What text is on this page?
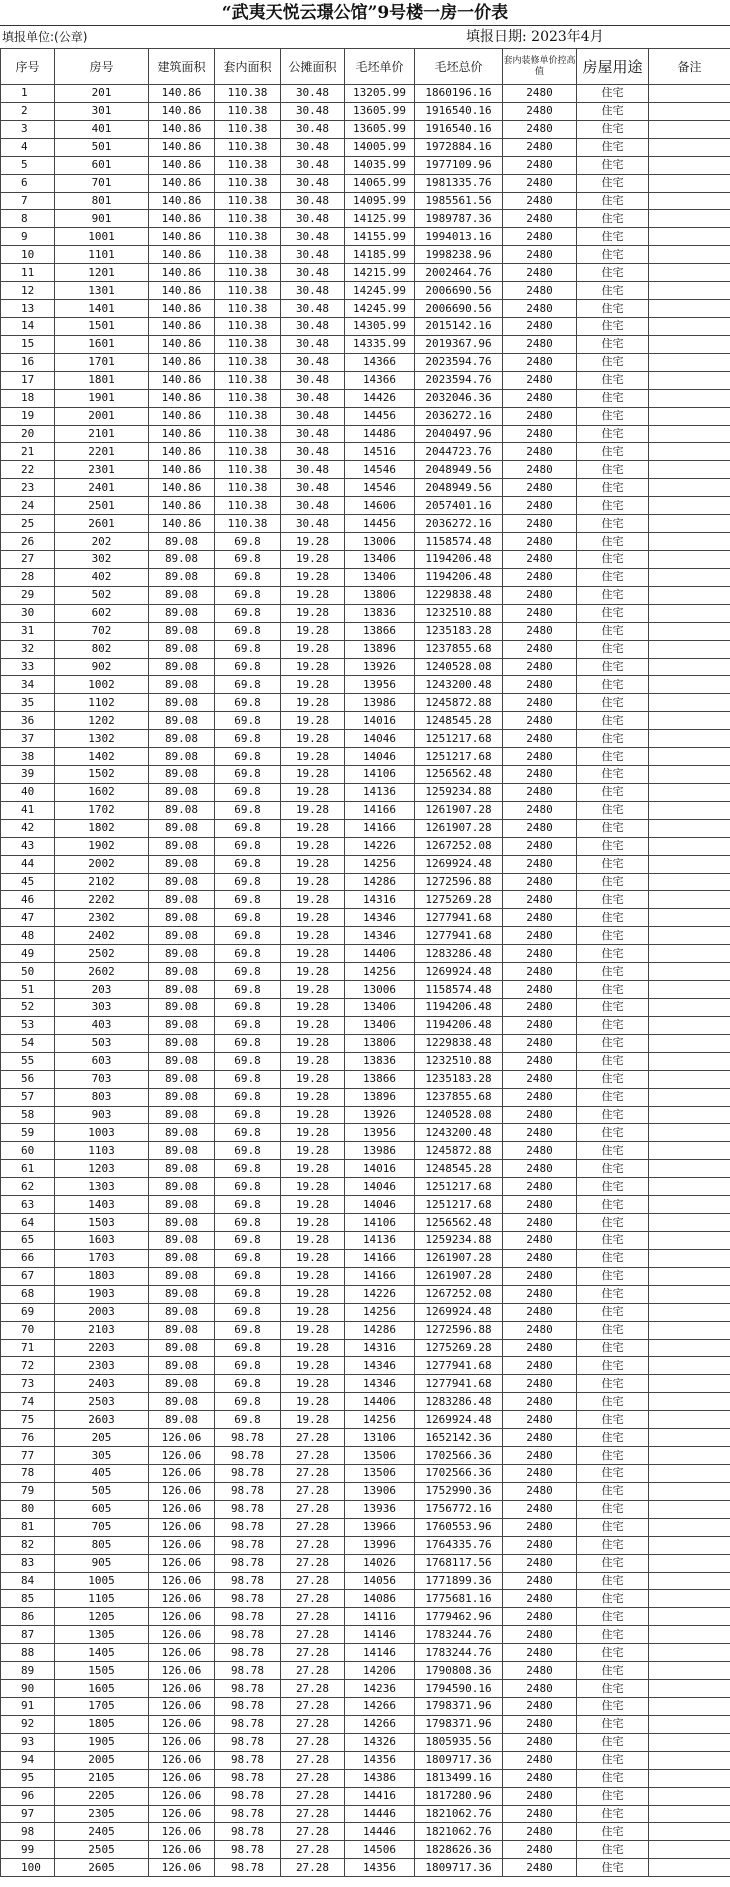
“武夷天悦云璟公馆”9号楼一房一价表
填报单位:(公章)	填报日期: 2023年4月
序号	房号	建筑面积	套内面积	公摊面积	毛坯单价	毛坯总价	套内装修单价控高值	房屋用途	备注
1	201	140.86	110.38	30.48	13205.99	1860196.16	2480	住宅	
2	301	140.86	110.38	30.48	13605.99	1916540.16	2480	住宅	
3	401	140.86	110.38	30.48	13605.99	1916540.16	2480	住宅	
4	501	140.86	110.38	30.48	14005.99	1972884.16	2480	住宅	
5	601	140.86	110.38	30.48	14035.99	1977109.96	2480	住宅	
6	701	140.86	110.38	30.48	14065.99	1981335.76	2480	住宅	
7	801	140.86	110.38	30.48	14095.99	1985561.56	2480	住宅	
8	901	140.86	110.38	30.48	14125.99	1989787.36	2480	住宅	
9	1001	140.86	110.38	30.48	14155.99	1994013.16	2480	住宅	
10	1101	140.86	110.38	30.48	14185.99	1998238.96	2480	住宅	
11	1201	140.86	110.38	30.48	14215.99	2002464.76	2480	住宅	
12	1301	140.86	110.38	30.48	14245.99	2006690.56	2480	住宅	
13	1401	140.86	110.38	30.48	14245.99	2006690.56	2480	住宅	
14	1501	140.86	110.38	30.48	14305.99	2015142.16	2480	住宅	
15	1601	140.86	110.38	30.48	14335.99	2019367.96	2480	住宅	
16	1701	140.86	110.38	30.48	14366	2023594.76	2480	住宅	
17	1801	140.86	110.38	30.48	14366	2023594.76	2480	住宅	
18	1901	140.86	110.38	30.48	14426	2032046.36	2480	住宅	
19	2001	140.86	110.38	30.48	14456	2036272.16	2480	住宅	
20	2101	140.86	110.38	30.48	14486	2040497.96	2480	住宅	
21	2201	140.86	110.38	30.48	14516	2044723.76	2480	住宅	
22	2301	140.86	110.38	30.48	14546	2048949.56	2480	住宅	
23	2401	140.86	110.38	30.48	14546	2048949.56	2480	住宅	
24	2501	140.86	110.38	30.48	14606	2057401.16	2480	住宅	
25	2601	140.86	110.38	30.48	14456	2036272.16	2480	住宅	
26	202	89.08	69.8	19.28	13006	1158574.48	2480	住宅	
27	302	89.08	69.8	19.28	13406	1194206.48	2480	住宅	
28	402	89.08	69.8	19.28	13406	1194206.48	2480	住宅	
29	502	89.08	69.8	19.28	13806	1229838.48	2480	住宅	
30	602	89.08	69.8	19.28	13836	1232510.88	2480	住宅	
31	702	89.08	69.8	19.28	13866	1235183.28	2480	住宅	
32	802	89.08	69.8	19.28	13896	1237855.68	2480	住宅	
33	902	89.08	69.8	19.28	13926	1240528.08	2480	住宅	
34	1002	89.08	69.8	19.28	13956	1243200.48	2480	住宅	
35	1102	89.08	69.8	19.28	13986	1245872.88	2480	住宅	
36	1202	89.08	69.8	19.28	14016	1248545.28	2480	住宅	
37	1302	89.08	69.8	19.28	14046	1251217.68	2480	住宅	
38	1402	89.08	69.8	19.28	14046	1251217.68	2480	住宅	
39	1502	89.08	69.8	19.28	14106	1256562.48	2480	住宅	
40	1602	89.08	69.8	19.28	14136	1259234.88	2480	住宅	
41	1702	89.08	69.8	19.28	14166	1261907.28	2480	住宅	
42	1802	89.08	69.8	19.28	14166	1261907.28	2480	住宅	
43	1902	89.08	69.8	19.28	14226	1267252.08	2480	住宅	
44	2002	89.08	69.8	19.28	14256	1269924.48	2480	住宅	
45	2102	89.08	69.8	19.28	14286	1272596.88	2480	住宅	
46	2202	89.08	69.8	19.28	14316	1275269.28	2480	住宅	
47	2302	89.08	69.8	19.28	14346	1277941.68	2480	住宅	
48	2402	89.08	69.8	19.28	14346	1277941.68	2480	住宅	
49	2502	89.08	69.8	19.28	14406	1283286.48	2480	住宅	
50	2602	89.08	69.8	19.28	14256	1269924.48	2480	住宅	
51	203	89.08	69.8	19.28	13006	1158574.48	2480	住宅	
52	303	89.08	69.8	19.28	13406	1194206.48	2480	住宅	
53	403	89.08	69.8	19.28	13406	1194206.48	2480	住宅	
54	503	89.08	69.8	19.28	13806	1229838.48	2480	住宅	
55	603	89.08	69.8	19.28	13836	1232510.88	2480	住宅	
56	703	89.08	69.8	19.28	13866	1235183.28	2480	住宅	
57	803	89.08	69.8	19.28	13896	1237855.68	2480	住宅	
58	903	89.08	69.8	19.28	13926	1240528.08	2480	住宅	
59	1003	89.08	69.8	19.28	13956	1243200.48	2480	住宅	
60	1103	89.08	69.8	19.28	13986	1245872.88	2480	住宅	
61	1203	89.08	69.8	19.28	14016	1248545.28	2480	住宅	
62	1303	89.08	69.8	19.28	14046	1251217.68	2480	住宅	
63	1403	89.08	69.8	19.28	14046	1251217.68	2480	住宅	
64	1503	89.08	69.8	19.28	14106	1256562.48	2480	住宅	
65	1603	89.08	69.8	19.28	14136	1259234.88	2480	住宅	
66	1703	89.08	69.8	19.28	14166	1261907.28	2480	住宅	
67	1803	89.08	69.8	19.28	14166	1261907.28	2480	住宅	
68	1903	89.08	69.8	19.28	14226	1267252.08	2480	住宅	
69	2003	89.08	69.8	19.28	14256	1269924.48	2480	住宅	
70	2103	89.08	69.8	19.28	14286	1272596.88	2480	住宅	
71	2203	89.08	69.8	19.28	14316	1275269.28	2480	住宅	
72	2303	89.08	69.8	19.28	14346	1277941.68	2480	住宅	
73	2403	89.08	69.8	19.28	14346	1277941.68	2480	住宅	
74	2503	89.08	69.8	19.28	14406	1283286.48	2480	住宅	
75	2603	89.08	69.8	19.28	14256	1269924.48	2480	住宅	
76	205	126.06	98.78	27.28	13106	1652142.36	2480	住宅	
77	305	126.06	98.78	27.28	13506	1702566.36	2480	住宅	
78	405	126.06	98.78	27.28	13506	1702566.36	2480	住宅	
79	505	126.06	98.78	27.28	13906	1752990.36	2480	住宅	
80	605	126.06	98.78	27.28	13936	1756772.16	2480	住宅	
81	705	126.06	98.78	27.28	13966	1760553.96	2480	住宅	
82	805	126.06	98.78	27.28	13996	1764335.76	2480	住宅	
83	905	126.06	98.78	27.28	14026	1768117.56	2480	住宅	
84	1005	126.06	98.78	27.28	14056	1771899.36	2480	住宅	
85	1105	126.06	98.78	27.28	14086	1775681.16	2480	住宅	
86	1205	126.06	98.78	27.28	14116	1779462.96	2480	住宅	
87	1305	126.06	98.78	27.28	14146	1783244.76	2480	住宅	
88	1405	126.06	98.78	27.28	14146	1783244.76	2480	住宅	
89	1505	126.06	98.78	27.28	14206	1790808.36	2480	住宅	
90	1605	126.06	98.78	27.28	14236	1794590.16	2480	住宅	
91	1705	126.06	98.78	27.28	14266	1798371.96	2480	住宅	
92	1805	126.06	98.78	27.28	14266	1798371.96	2480	住宅	
93	1905	126.06	98.78	27.28	14326	1805935.56	2480	住宅	
94	2005	126.06	98.78	27.28	14356	1809717.36	2480	住宅	
95	2105	126.06	98.78	27.28	14386	1813499.16	2480	住宅	
96	2205	126.06	98.78	27.28	14416	1817280.96	2480	住宅	
97	2305	126.06	98.78	27.28	14446	1821062.76	2480	住宅	
98	2405	126.06	98.78	27.28	14446	1821062.76	2480	住宅	
99	2505	126.06	98.78	27.28	14506	1828626.36	2480	住宅	
100	2605	126.06	98.78	27.28	14356	1809717.36	2480	住宅	
